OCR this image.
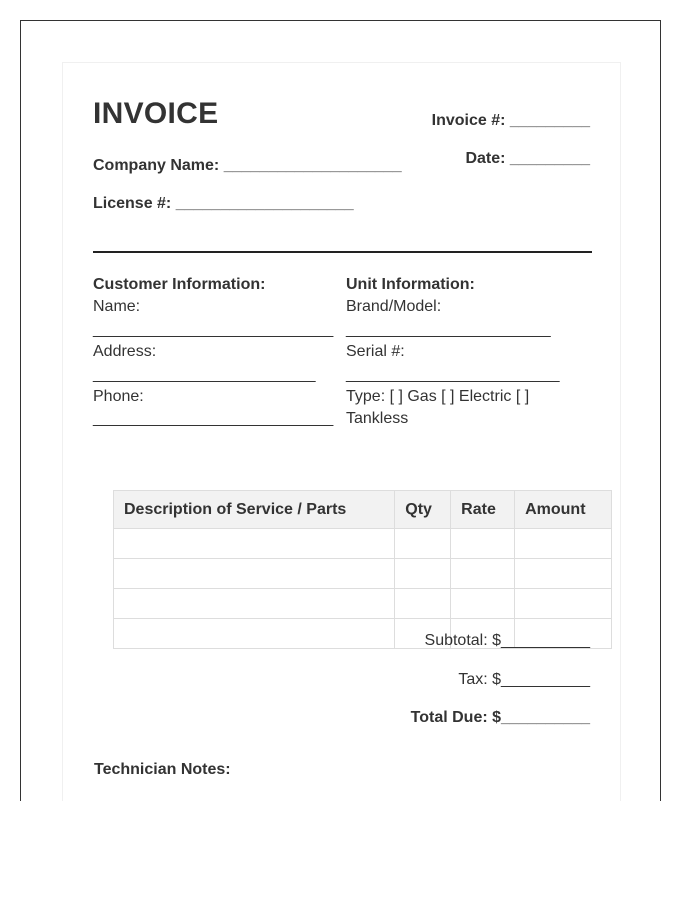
INVOICE	Invoice #: _________
Date: _________
Company Name: ____________________
License #: ____________________
Customer Information:
Name:
___________________________
Address:
_________________________
Phone:
___________________________
Unit Information:
Brand/Model:
_______________________
Serial #:
________________________
Type: [ ] Gas [ ] Electric [ ]
Tankless
Description of Service / Parts	Qty	Rate	Amount

Subtotal: $__________
Tax: $__________
Total Due: $__________
Technician Notes:
